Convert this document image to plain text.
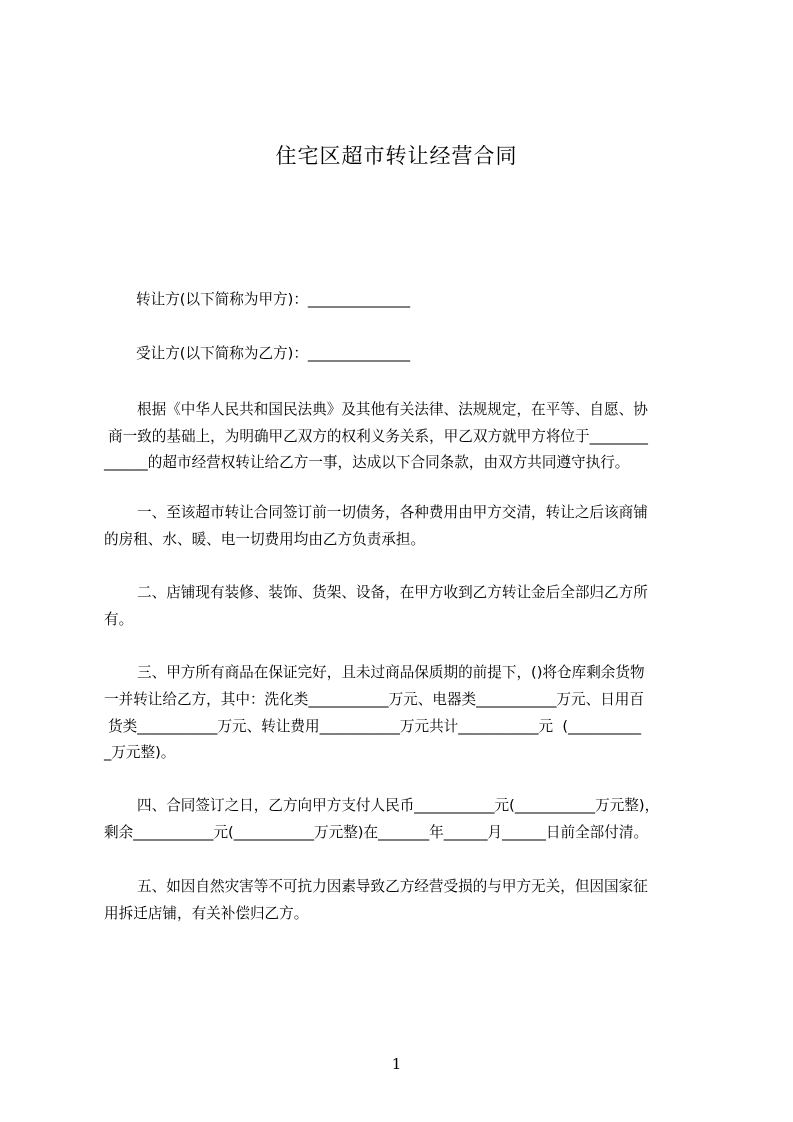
住宅区超市转让经营合同
转让方(以下简称为甲方)：______________
受让方(以下简称为乙方)：______________
根据《中华人民共和国民法典》及其他有关法律、法规规定，在平等、自愿、协
商一致的基础上，为明确甲乙双方的权利义务关系，甲乙双方就甲方将位于________
______的超市经营权转让给乙方一事，达成以下合同条款，由双方共同遵守执行。
一、至该超市转让合同签订前一切债务，各种费用由甲方交清，转让之后该商铺
的房租、水、暖、电一切费用均由乙方负责承担。
二、店铺现有装修、装饰、货架、设备，在甲方收到乙方转让金后全部归乙方所
有。
三、甲方所有商品在保证完好，且未过商品保质期的前提下，()将仓库剩余货物
一并转让给乙方，其中：洗化类___________万元、电器类___________万元、日用百
货类___________万元、转让费用___________万元共计___________元  (__________
_万元整)。
四、合同签订之日，乙方向甲方支付人民币___________元(___________万元整)，
剩余___________元(___________万元整)在_______年______月______日前全部付清。
五、如因自然灾害等不可抗力因素导致乙方经营受损的与甲方无关，但因国家征
用拆迁店铺，有关补偿归乙方。
1
